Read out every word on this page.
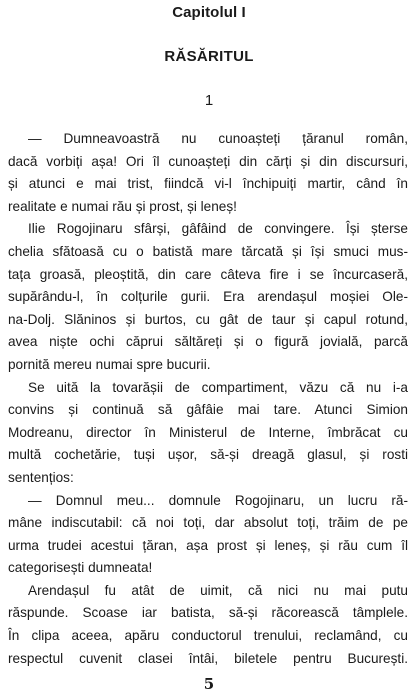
Capitolul I
RĂSĂRITUL
1
— Dumneavoastră nu cunoașteți țăranul român,
dacă vorbiți așa! Ori îl cunoașteți din cărți și din discursuri,
și atunci e mai trist, fiindcă vi-l închipuiți martir, când în
realitate e numai rău și prost, și leneș!
Ilie Rogojinaru sfârși, gâfâind de convingere. Își șterse
chelia sfătoasă cu o batistă mare tărcată și își smuci mus-
tața groasă, pleoștită, din care câteva fire i se încurcaseră,
supărându-l, în colțurile gurii. Era arendașul moșiei Ole-
na-Dolj. Slăninos și burtos, cu gât de taur și capul rotund,
avea niște ochi căprui săltăreți și o figură jovială, parcă
pornită mereu numai spre bucurii.
Se uită la tovarășii de compartiment, văzu că nu i-a
convins și continuă să gâfâie mai tare. Atunci Simion
Modreanu, director în Ministerul de Interne, îmbrăcat cu
multă cochetărie, tuși ușor, să-și dreagă glasul, și rosti
sentențios:
— Domnul meu... domnule Rogojinaru, un lucru ră-
mâne indiscutabil: că noi toți, dar absolut toți, trăim de pe
urma trudei acestui țăran, așa prost și leneș, și rău cum îl
categorisești dumneata!
Arendașul fu atât de uimit, că nici nu mai putu
răspunde. Scoase iar batista, să-și răcorească tâmplele.
În clipa aceea, apăru conductorul trenului, reclamând, cu
respectul cuvenit clasei întâi, biletele pentru București.
5
